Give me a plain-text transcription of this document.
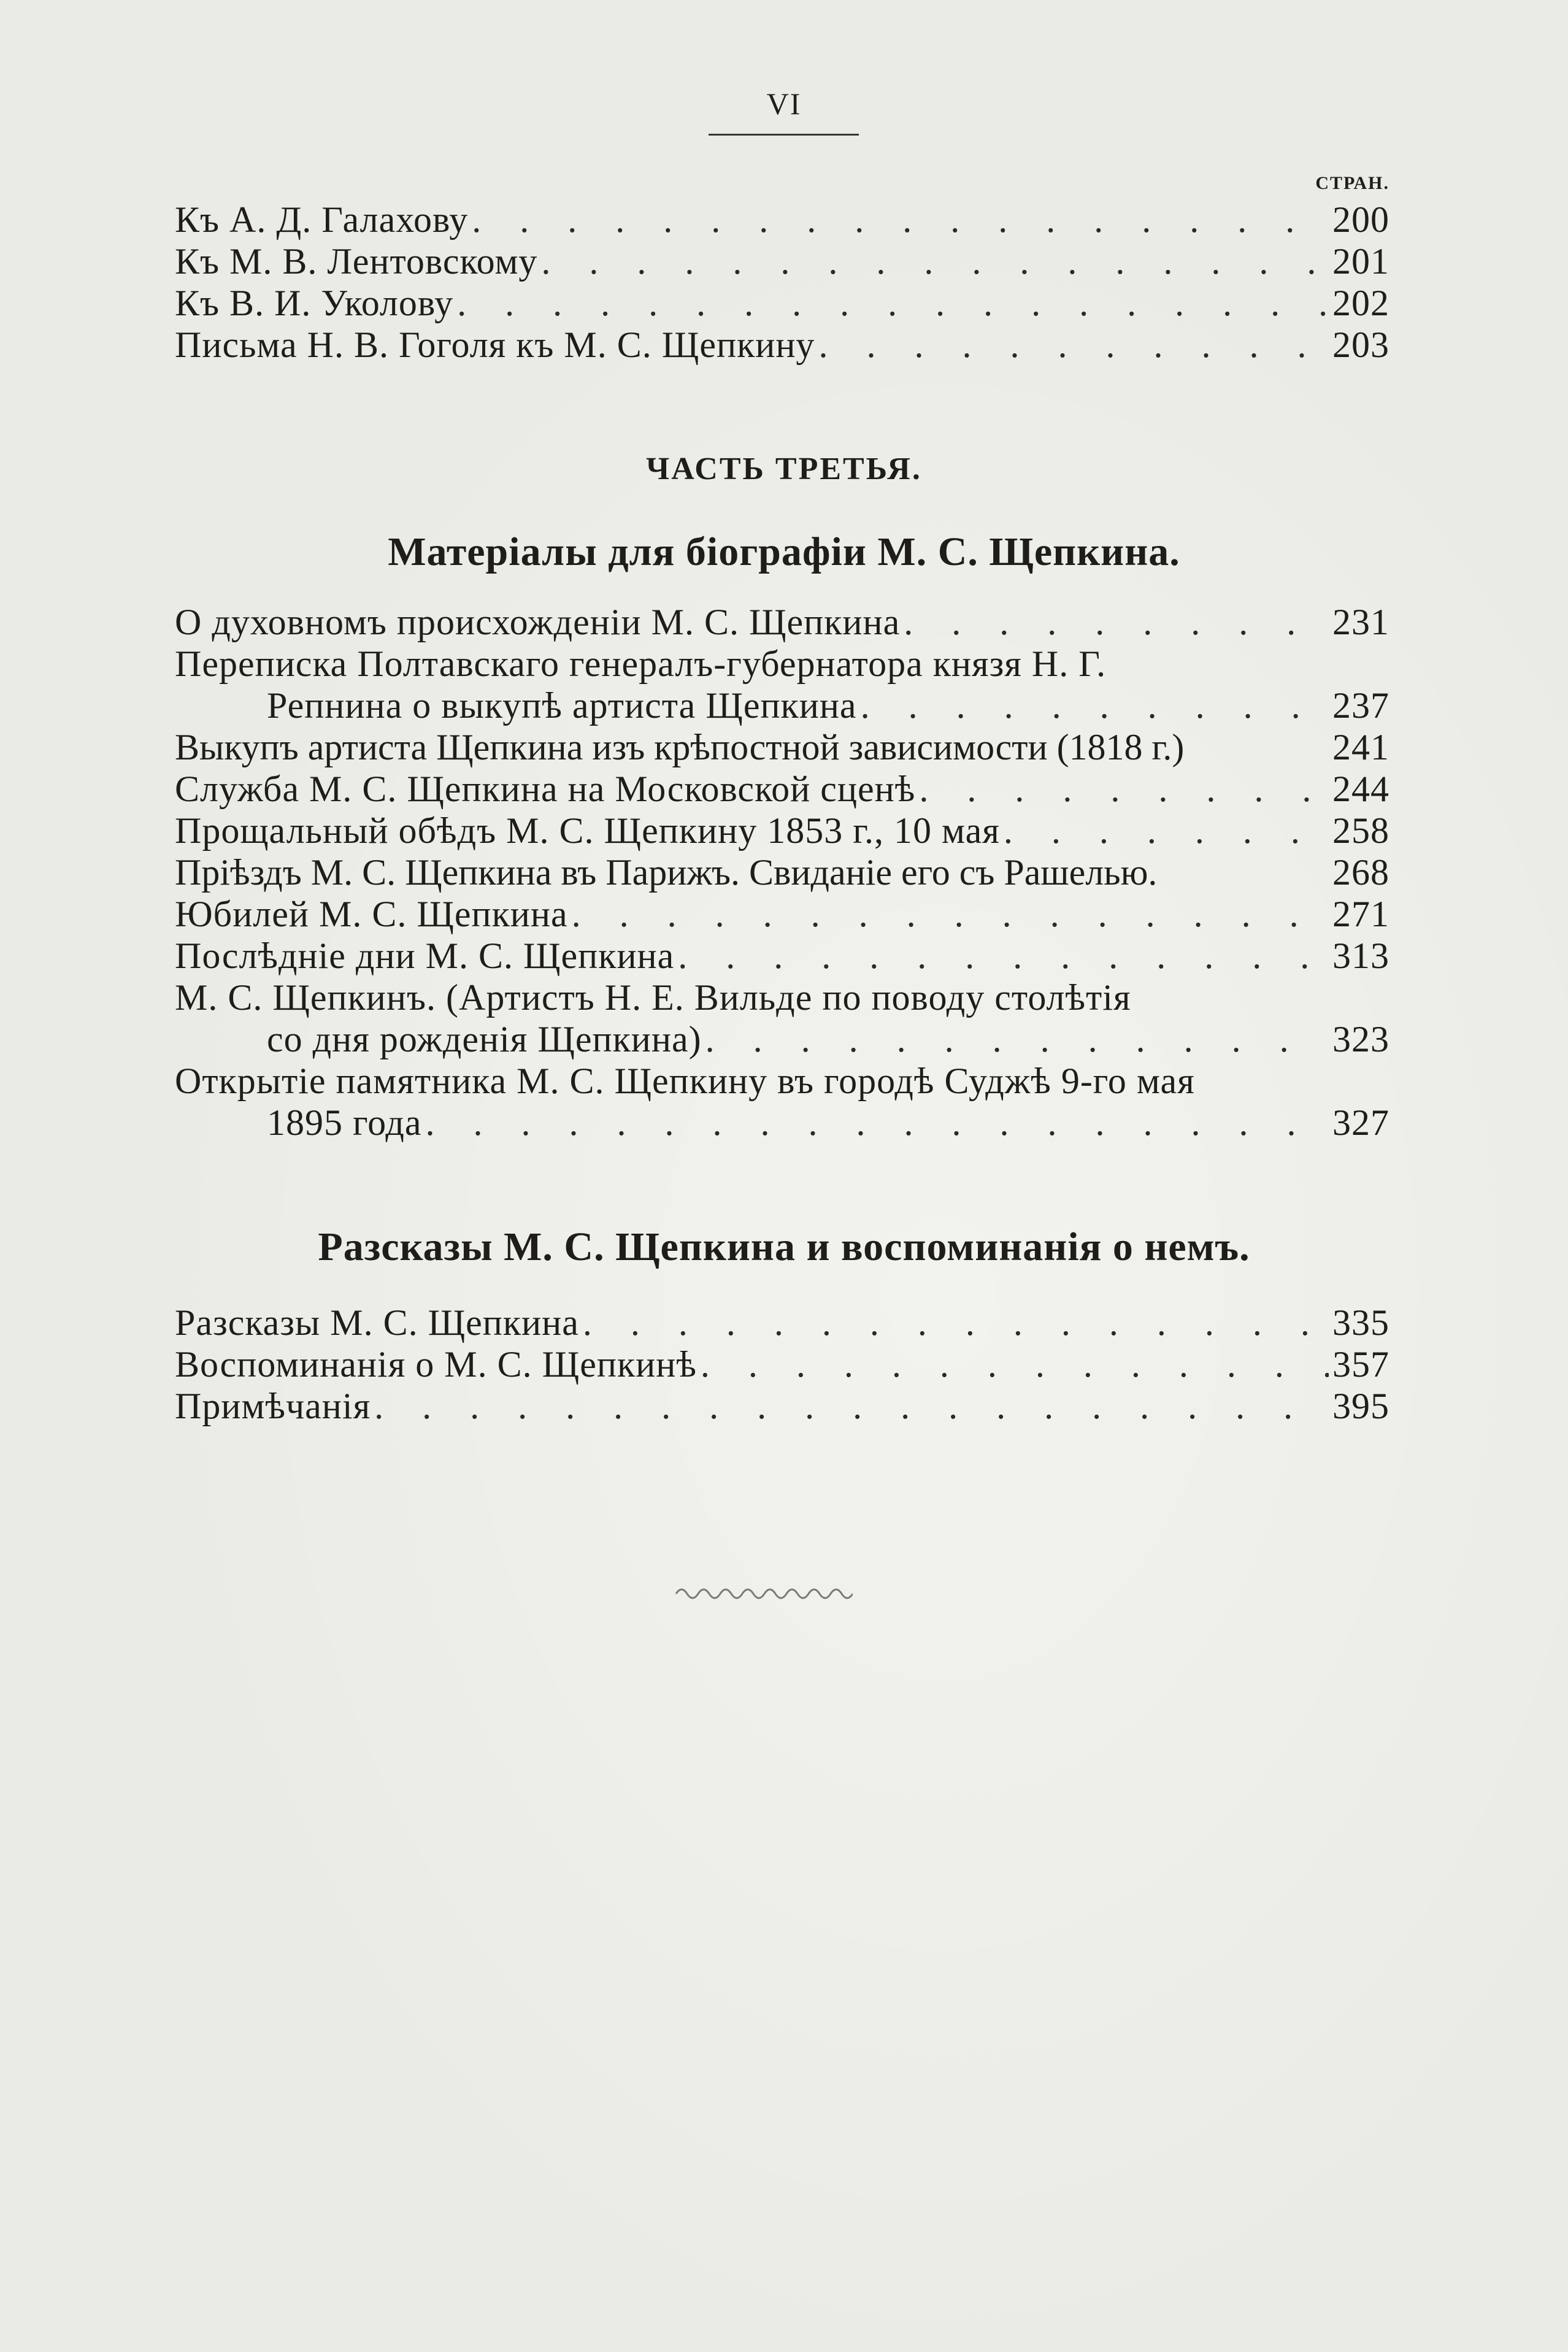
VI
СТРАН.
Къ А. Д. Галахову . . .	200
Къ М. В. Лентовскому . . .	201
Къ В. И. Уколову . . .	202
Письма Н. В. Гоголя къ М. С. Щепкину . . .	203
ЧАСТЬ ТРЕТЬЯ.
Матеріалы для біографіи М. С. Щепкина.
О духовномъ происхожденіи М. С. Щепкина . . .	231
Переписка Полтавскаго генералъ-губернатора князя Н. Г.
Репнина о выкупѣ артиста Щепкина . . .	237
Выкупъ артиста Щепкина изъ крѣпостной зависимости (1818 г.)	241
Служба М. С. Щепкина на Московской сценѣ . . .	244
Прощальный обѣдъ М. С. Щепкину 1853 г., 10 мая . . .	258
Пріѣздъ М. С. Щепкина въ Парижъ. Свиданіе его съ Рашелью.	268
Юбилей М. С. Щепкина . . .	271
Послѣдніе дни М. С. Щепкина . . .	313
М. С. Щепкинъ. (Артистъ Н. Е. Вильде по поводу столѣтія
со дня рожденія Щепкина) . . .	323
Открытіе памятника М. С. Щепкину въ городѣ Суджѣ 9-го мая
1895 года . . .	327
Разсказы М. С. Щепкина и воспоминанія о немъ.
Разсказы М. С. Щепкина . . .	335
Воспоминанія о М. С. Щепкинѣ . . .	357
Примѣчанія . . .	395
